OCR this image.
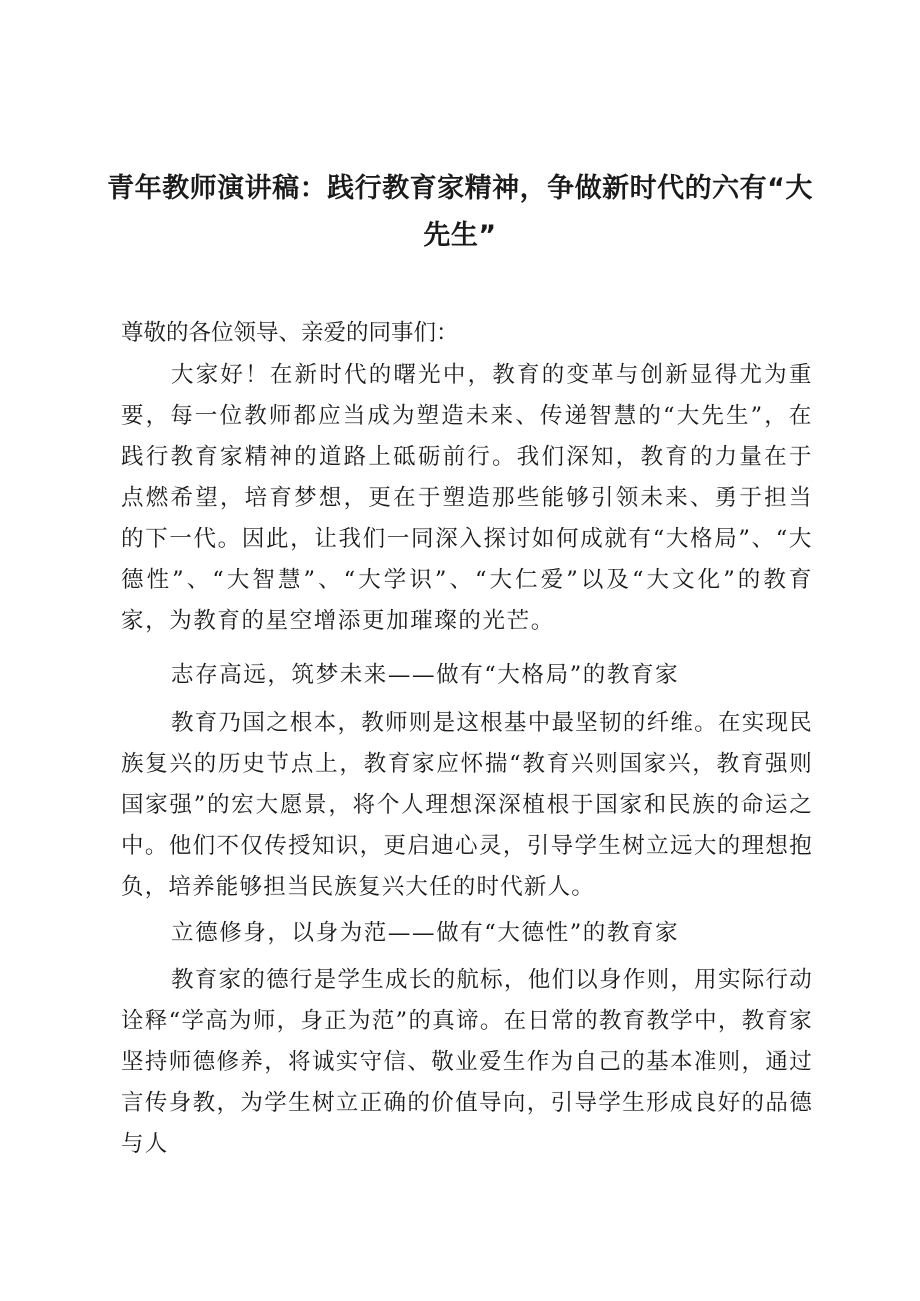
青年教师演讲稿：践行教育家精神，争做新时代的六有“大先生”

尊敬的各位领导、亲爱的同事们：

大家好！在新时代的曙光中，教育的变革与创新显得尤为重要，每一位教师都应当成为塑造未来、传递智慧的“大先生”，在践行教育家精神的道路上砥砺前行。我们深知，教育的力量在于点燃希望，培育梦想，更在于塑造那些能够引领未来、勇于担当的下一代。因此，让我们一同深入探讨如何成就有“大格局”、“大德性”、“大智慧”、“大学识”、“大仁爱”以及“大文化”的教育家，为教育的星空增添更加璀璨的光芒。

志存高远，筑梦未来——做有“大格局”的教育家

教育乃国之根本，教师则是这根基中最坚韧的纤维。在实现民族复兴的历史节点上，教育家应怀揣“教育兴则国家兴，教育强则国家强”的宏大愿景，将个人理想深深植根于国家和民族的命运之中。他们不仅传授知识，更启迪心灵，引导学生树立远大的理想抱负，培养能够担当民族复兴大任的时代新人。

立德修身，以身为范——做有“大德性”的教育家

教育家的德行是学生成长的航标，他们以身作则，用实际行动诠释“学高为师，身正为范”的真谛。在日常的教育教学中，教育家坚持师德修养，将诚实守信、敬业爱生作为自己的基本准则，通过言传身教，为学生树立正确的价值导向，引导学生形成良好的品德与人
